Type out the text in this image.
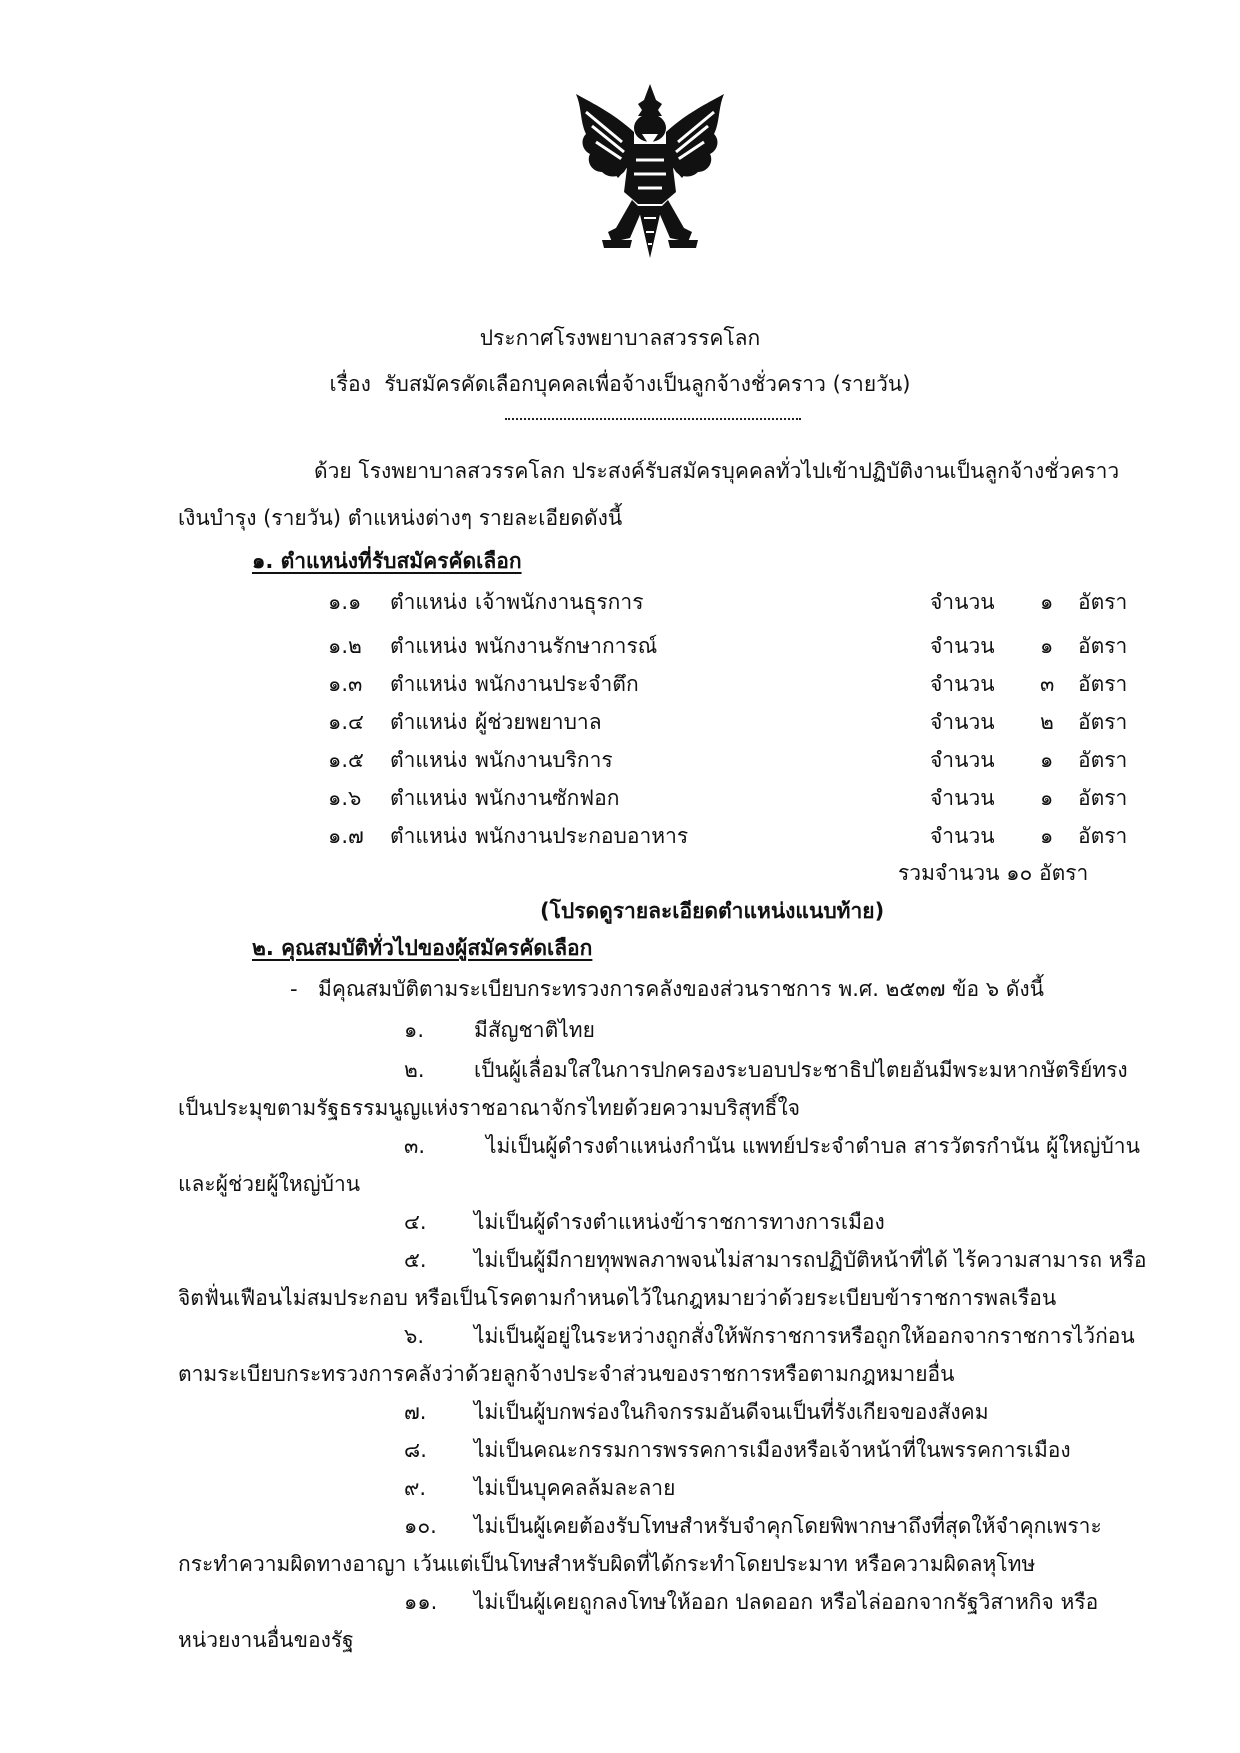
ประกาศโรงพยาบาลสวรรคโลก
เรื่อง รับสมัครคัดเลือกบุคคลเพื่อจ้างเป็นลูกจ้างชั่วคราว (รายวัน)
ด้วย โรงพยาบาลสวรรคโลก ประสงค์รับสมัครบุคคลทั่วไปเข้าปฏิบัติงานเป็นลูกจ้างชั่วคราว
เงินบำรุง (รายวัน) ตำแหน่งต่างๆ รายละเอียดดังนี้
๑. ตำแหน่งที่รับสมัครคัดเลือก
๑.๑ ตำแหน่ง เจ้าพนักงานธุรการ	จำนวน ๑ อัตรา
๑.๒ ตำแหน่ง พนักงานรักษาการณ์	จำนวน ๑ อัตรา
๑.๓ ตำแหน่ง พนักงานประจำตึก	จำนวน ๓ อัตรา
๑.๔ ตำแหน่ง ผู้ช่วยพยาบาล	จำนวน ๒ อัตรา
๑.๕ ตำแหน่ง พนักงานบริการ	จำนวน ๑ อัตรา
๑.๖ ตำแหน่ง พนักงานซักฟอก	จำนวน ๑ อัตรา
๑.๗ ตำแหน่ง พนักงานประกอบอาหาร	จำนวน ๑ อัตรา
รวมจำนวน ๑๐ อัตรา
(โปรดดูรายละเอียดตำแหน่งแนบท้าย)
๒. คุณสมบัติทั่วไปของผู้สมัครคัดเลือก
- มีคุณสมบัติตามระเบียบกระทรวงการคลังของส่วนราชการ พ.ศ. ๒๕๓๗ ข้อ ๖ ดังนี้
๑. มีสัญชาติไทย
๒. เป็นผู้เลื่อมใสในการปกครองระบอบประชาธิปไตยอันมีพระมหากษัตริย์ทรง
เป็นประมุขตามรัฐธรรมนูญแห่งราชอาณาจักรไทยด้วยความบริสุทธิ์ใจ
๓.	ไม่เป็นผู้ดำรงตำแหน่งกำนัน แพทย์ประจำตำบล สารวัตรกำนัน ผู้ใหญ่บ้าน
และผู้ช่วยผู้ใหญ่บ้าน
๔. ไม่เป็นผู้ดำรงตำแหน่งข้าราชการทางการเมือง
๕. ไม่เป็นผู้มีกายทุพพลภาพจนไม่สามารถปฏิบัติหน้าที่ได้ ไร้ความสามารถ หรือ
จิตฟั่นเฟือนไม่สมประกอบ หรือเป็นโรคตามกำหนดไว้ในกฎหมายว่าด้วยระเบียบข้าราชการพลเรือน
๖. ไม่เป็นผู้อยู่ในระหว่างถูกสั่งให้พักราชการหรือถูกให้ออกจากราชการไว้ก่อน
ตามระเบียบกระทรวงการคลังว่าด้วยลูกจ้างประจำส่วนของราชการหรือตามกฎหมายอื่น
๗. ไม่เป็นผู้บกพร่องในกิจกรรมอันดีจนเป็นที่รังเกียจของสังคม
๘. ไม่เป็นคณะกรรมการพรรคการเมืองหรือเจ้าหน้าที่ในพรรคการเมือง
๙. ไม่เป็นบุคคลล้มละลาย
๑๐. ไม่เป็นผู้เคยต้องรับโทษสำหรับจำคุกโดยพิพากษาถึงที่สุดให้จำคุกเพราะ
กระทำความผิดทางอาญา เว้นแต่เป็นโทษสำหรับผิดที่ได้กระทำโดยประมาท หรือความผิดลหุโทษ
๑๑. ไม่เป็นผู้เคยถูกลงโทษให้ออก ปลดออก หรือไล่ออกจากรัฐวิสาหกิจ หรือ
หน่วยงานอื่นของรัฐ
